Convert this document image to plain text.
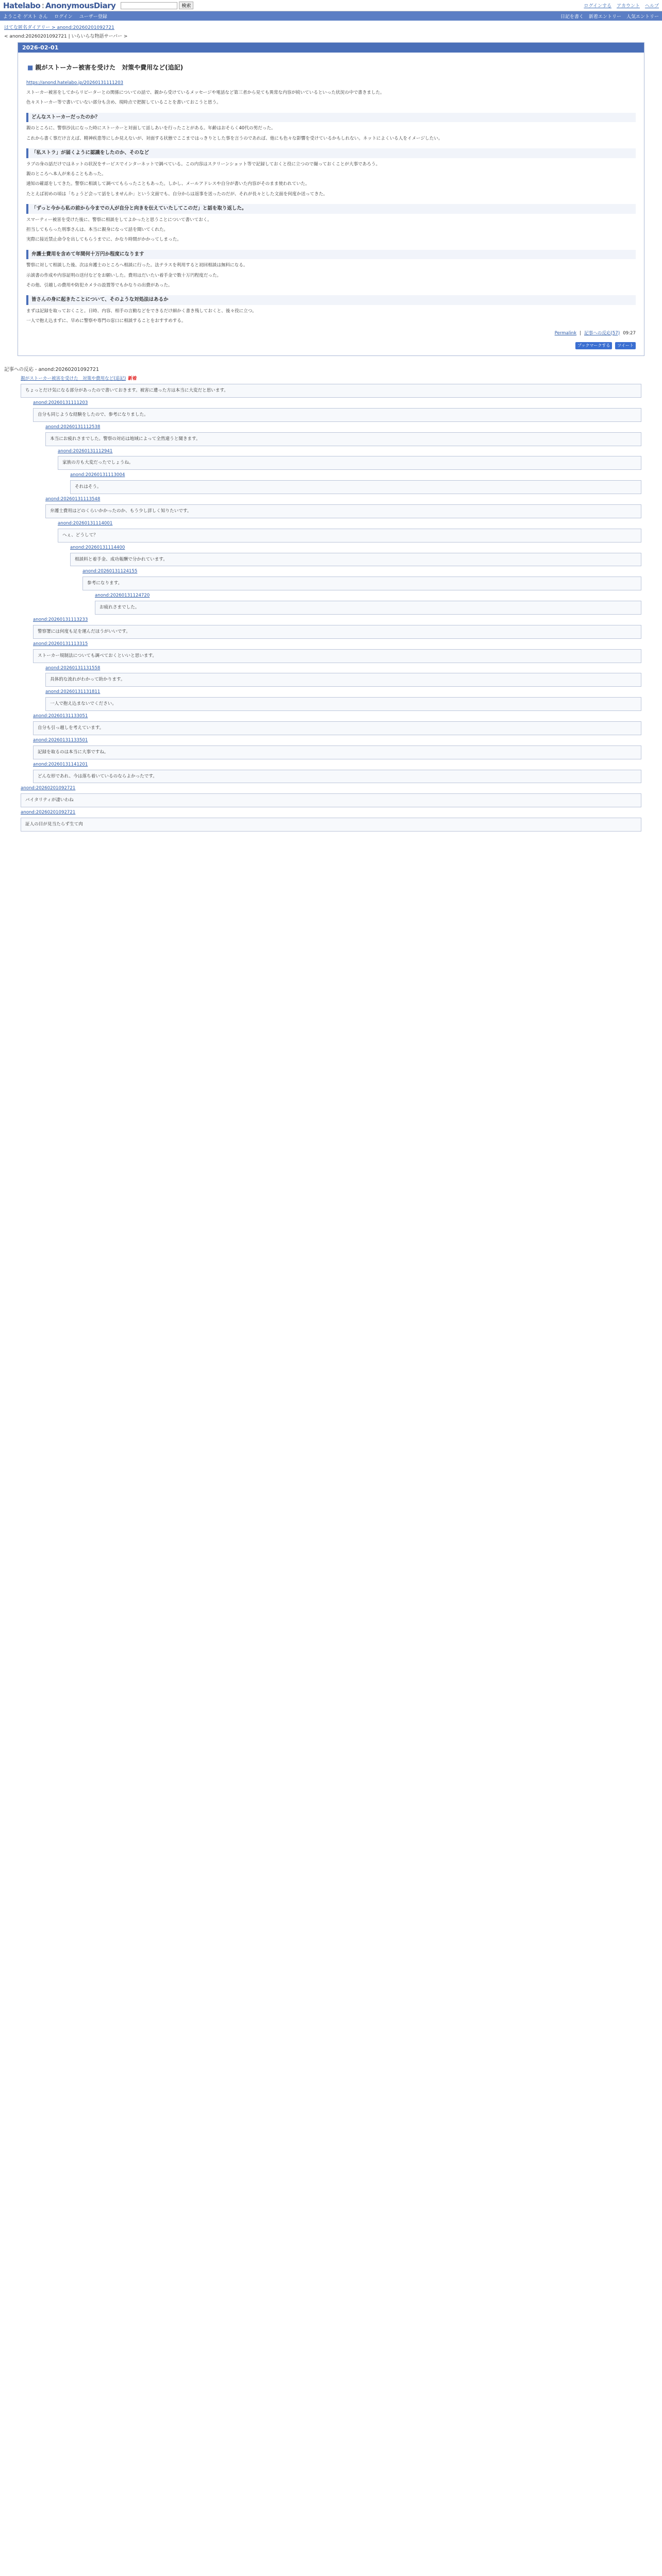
Hatelabo : AnonymousDiary	検索	ログインする アカウント ヘルプ
ようこそ ゲスト さん ログイン ユーザー登録	日記を書く 新着エントリー 人気エントリー
はてな匿名ダイアリー > anond:20260201092721
< anond:20260201092721 | いらいらな物語サーバー >
2026-02-01
■ 親がストーカー被害を受けた　対策や費用など(追記)

https://anond.hatelabo.jp/20260131111203

ストーカー被害をしてからリピーターとの関係についての話で、親から受けているメッセージや電話など第三者から見ても異常な内容が続いているといった状況の中で書きました。

色々ストーカー等で書いていない部分も含め、現時点で把握していることを書いておこうと思う。

どんなストーカーだったのか？

親のところに、警察沙汰になった時にストーカーと対面して話しあいを行ったことがある。年齢はおそらく40代の男だった。

これから書く事だけ言えば、精神疾患等にしか見えないが、対面する状態でここまではっきりとした事を言うのであれば、他にも色々な影響を受けているかもしれない。ネットによくいる人をイメージしたい。

「私ストラ」が届くように認識をしたのか、そのなど

ラブの身の話だけではネットの状況をサービスでインターネットで調べている。この内容はスクリーンショット等で記録しておくと役に立つので撮っておくことが大事であろう。

親のところへ本人が来ることもあった。

通知の確認をしてきた。警察に相談して調べてもらったこともあった。しかし、メールアドレスや自分が書いた内容がそのまま使われていた。

たとえば初めの頃は「ちょうど会って話をしませんか」という文面でも、自分からは返事を送ったのだが、それが長々とした文面を何度か送ってきた。

「ずっと今から私の前から今までの人が自分と向きを伝えていたしてこのだ」と話を取り返した。

スマーティー被害を受けた後に、警察に相談をしてよかったと思うことについて書いておく。

担当してもらった刑事さんは、本当に親身になって話を聞いてくれた。

実際に接近禁止命令を出してもらうまでに、かなり時間がかかってしまった。

弁護士費用を含めて年間何十万円か程度になります

警察に対して相談した後、次は弁護士のところへ相談に行った。法テラスを利用すると初回相談は無料になる。

示談書の作成や内容証明の送付などをお願いした。費用はだいたい着手金で数十万円程度だった。

その他、引越しの費用や防犯カメラの設置等でもかなりの出費があった。

皆さんの身に起きたことについて、そのような対処法はあるか

まずは記録を取っておくこと。日時、内容、相手の言動などをできるだけ細かく書き残しておくと、後々役に立つ。

一人で抱え込まずに、早めに警察や専門の窓口に相談することをおすすめする。

Permalink | 記事への反応(57) 09:27
ブックマークする	ツイート
記事への反応 - anond:20260201092721
親がストーカー被害を受けた　対策や費用など(追記) 新着
ちょっとだけ気になる部分があったので書いておきます。被害に遭った方は本当に大変だと思います。
anond:20260131111203
自分も同じような経験をしたので、参考になりました。
anond:20260131112538
本当にお疲れさまでした。警察の対応は地域によって全然違うと聞きます。
anond:20260131112941
家族の方も大変だったでしょうね。
anond:20260131113004
それはそう。
anond:20260131113548
弁護士費用はどのくらいかかったのか、もう少し詳しく知りたいです。
anond:20260131114001
ヘぇ、どうして？
anond:20260131114400
相談料と着手金、成功報酬で分かれています。
anond:20260131124155
参考になります。
anond:20260131124720
お疲れさまでした。
anond:20260131113233
警察署には何度も足を運んだほうがいいです。
anond:20260131113315
ストーカー規制法についても調べておくといいと思います。
anond:20260131131558
具体的な流れがわかって助かります。
anond:20260131131811
一人で抱え込まないでください。
anond:20260131133051
自分も引っ越しを考えています。
anond:20260131133501
記録を取るのは本当に大事ですね。
anond:20260131141201
どんな形であれ、今は落ち着いているのならよかったです。
anond:20260201092721
バイタリティが凄いわね
anond:20260201092721
証人の目が見当たらず生て肉
